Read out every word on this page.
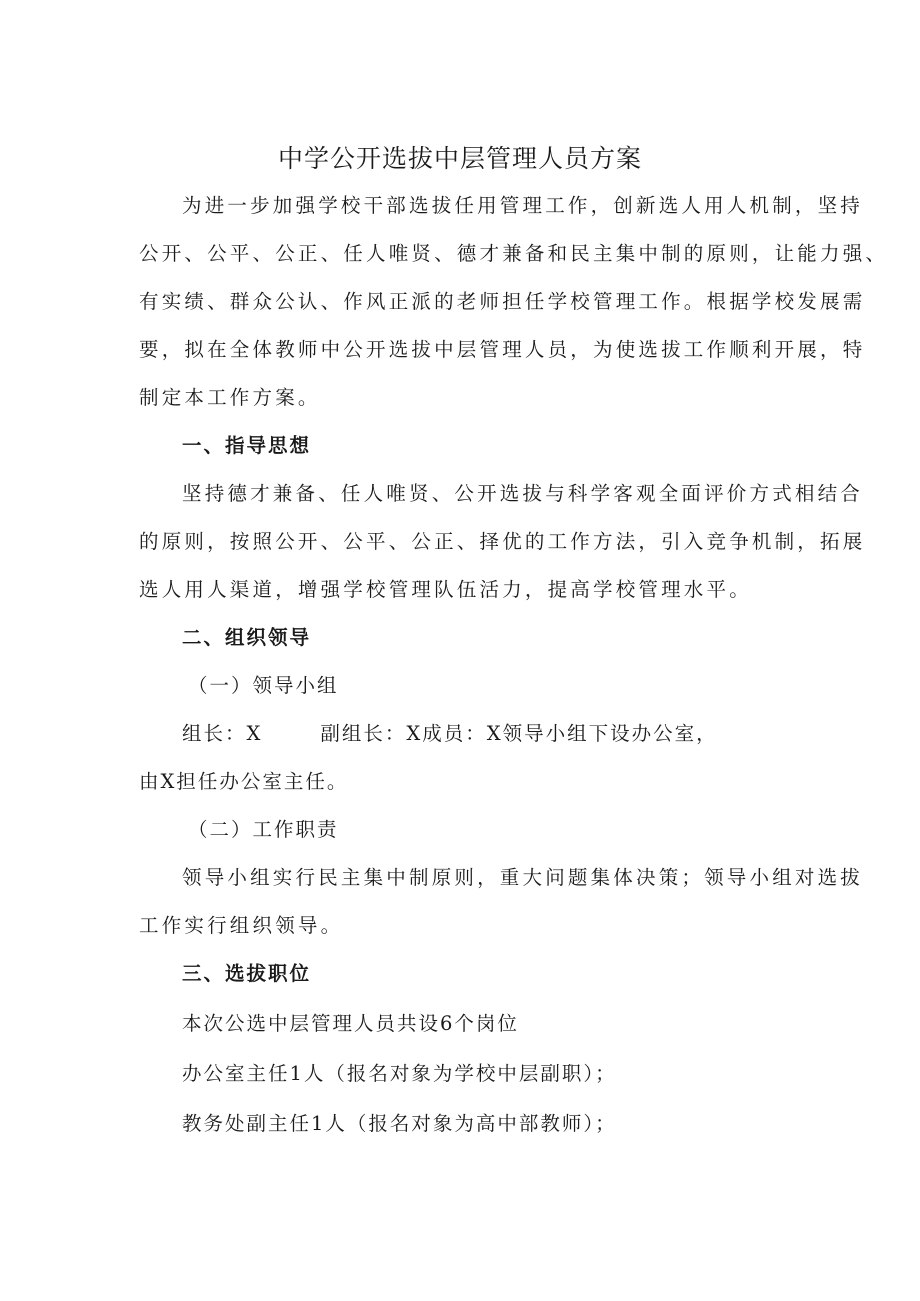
中学公开选拔中层管理人员方案

为进一步加强学校干部选拔任用管理工作，创新选人用人机制，坚持

公开、公平、公正、任人唯贤、德才兼备和民主集中制的原则，让能力强、

有实绩、群众公认、作风正派的老师担任学校管理工作。根据学校发展需

要，拟在全体教师中公开选拔中层管理人员，为使选拔工作顺利开展，特

制定本工作方案。

一、指导思想

坚持德才兼备、任人唯贤、公开选拔与科学客观全面评价方式相结合

的原则，按照公开、公平、公正、择优的工作方法，引入竞争机制，拓展

选人用人渠道，增强学校管理队伍活力，提高学校管理水平。

二、组织领导

（一）领导小组

组长：X	副组长：X成员：X领导小组下设办公室，

由X担任办公室主任。

（二）工作职责

领导小组实行民主集中制原则，重大问题集体决策；领导小组对选拔

工作实行组织领导。

三、选拔职位

本次公选中层管理人员共设6个岗位

办公室主任1人（报名对象为学校中层副职）；

教务处副主任1人（报名对象为高中部教师）；
